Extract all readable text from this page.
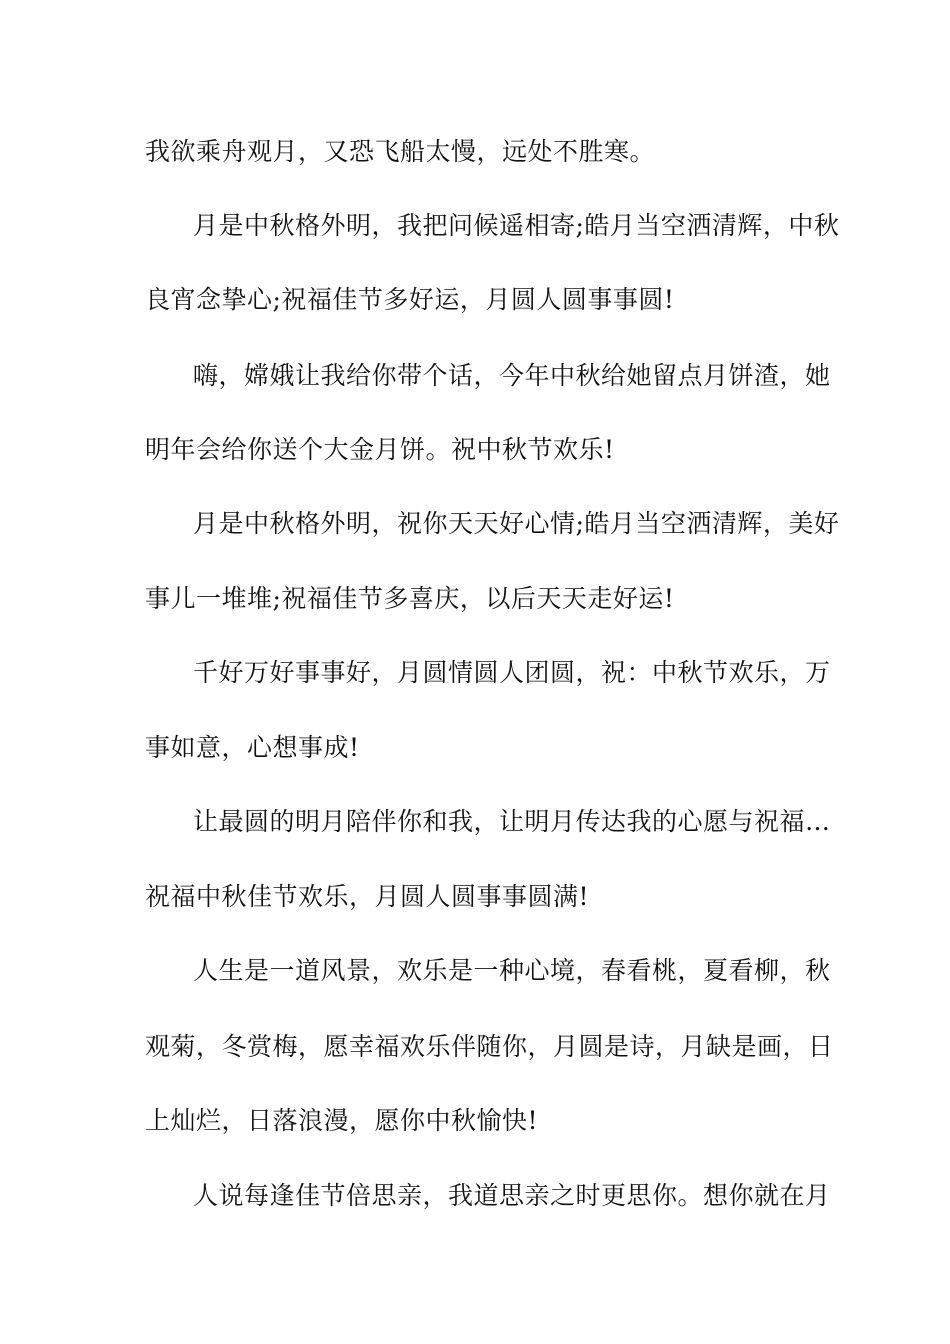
我欲乘舟观月，又恐飞船太慢，远处不胜寒。

月是中秋格外明，我把问候遥相寄;皓月当空洒清辉，中秋

良宵念挚心;祝福佳节多好运，月圆人圆事事圆!

嗨，嫦娥让我给你带个话，今年中秋给她留点月饼渣，她

明年会给你送个大金月饼。祝中秋节欢乐!

月是中秋格外明，祝你天天好心情;皓月当空洒清辉，美好

事儿一堆堆;祝福佳节多喜庆，以后天天走好运!

千好万好事事好，月圆情圆人团圆，祝：中秋节欢乐，万

事如意，心想事成!

让最圆的明月陪伴你和我，让明月传达我的心愿与祝福…

祝福中秋佳节欢乐，月圆人圆事事圆满!

人生是一道风景，欢乐是一种心境，春看桃，夏看柳，秋

观菊，冬赏梅，愿幸福欢乐伴随你，月圆是诗，月缺是画，日

上灿烂，日落浪漫，愿你中秋愉快!

人说每逢佳节倍思亲，我道思亲之时更思你。想你就在月
